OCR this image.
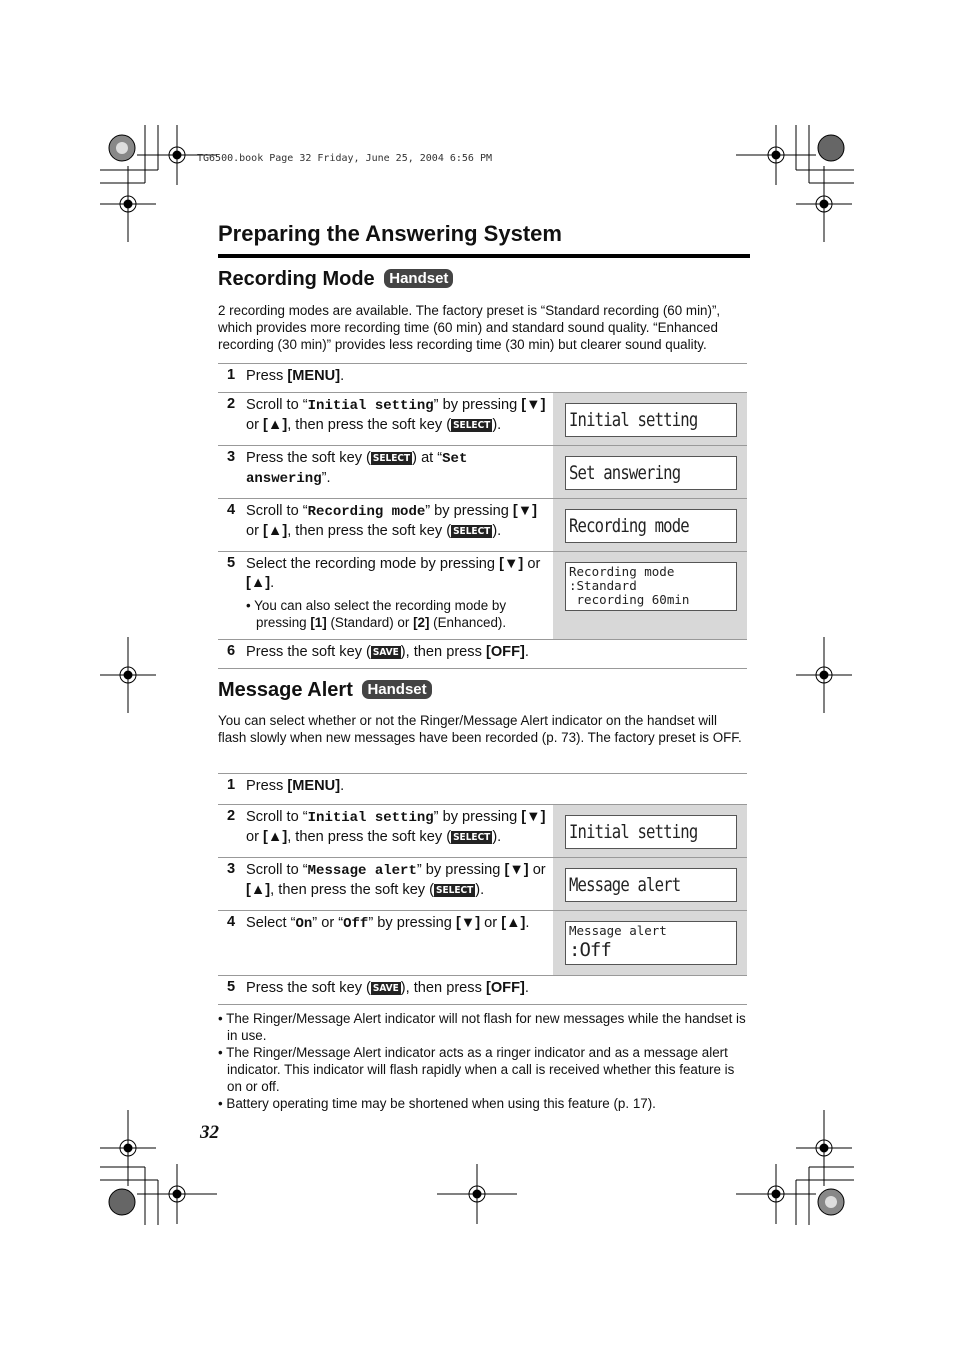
TG6500.book Page 32 Friday, June 25, 2004 6:56 PM
Preparing the Answering System
Recording Mode Handset
2 recording modes are available. The factory preset is “Standard recording (60 min)”, which provides more recording time (60 min) and standard sound quality. “Enhanced recording (30 min)” provides less recording time (30 min) but clearer sound quality.
1	Press [MENU].	
2	Scroll to “Initial setting” by pressing [▼] or [▲], then press the soft key ( SELECT ).	Initial setting

3	Press the soft key ( SELECT ) at “Set answering”.	Set answering

4	Scroll to “Recording mode” by pressing [▼] or [▲], then press the soft key ( SELECT ).	Recording mode

5	Select the recording mode by pressing [▼] or [▲].
• You can also select the recording mode by pressing [1] (Standard) or [2] (Enhanced).	Recording mode
:Standard
recording 60min

6	Press the soft key ( SAVE ), then press [OFF].	
Message Alert Handset
You can select whether or not the Ringer/Message Alert indicator on the handset will flash slowly when new messages have been recorded (p. 73). The factory preset is OFF.
1	Press [MENU].	
2	Scroll to “Initial setting” by pressing [▼] or [▲], then press the soft key ( SELECT ).	Initial setting

3	Scroll to “Message alert” by pressing [▼] or [▲], then press the soft key ( SELECT ).	Message alert

4	Select “On” or “Off” by pressing [▼] or [▲].	Message alert
:Off

5	Press the soft key ( SAVE ), then press [OFF].	
• The Ringer/Message Alert indicator will not flash for new messages while the handset is in use.
• The Ringer/Message Alert indicator acts as a ringer indicator and as a message alert indicator. This indicator will flash rapidly when a call is received whether this feature is on or off.
• Battery operating time may be shortened when using this feature (p. 17).
32
